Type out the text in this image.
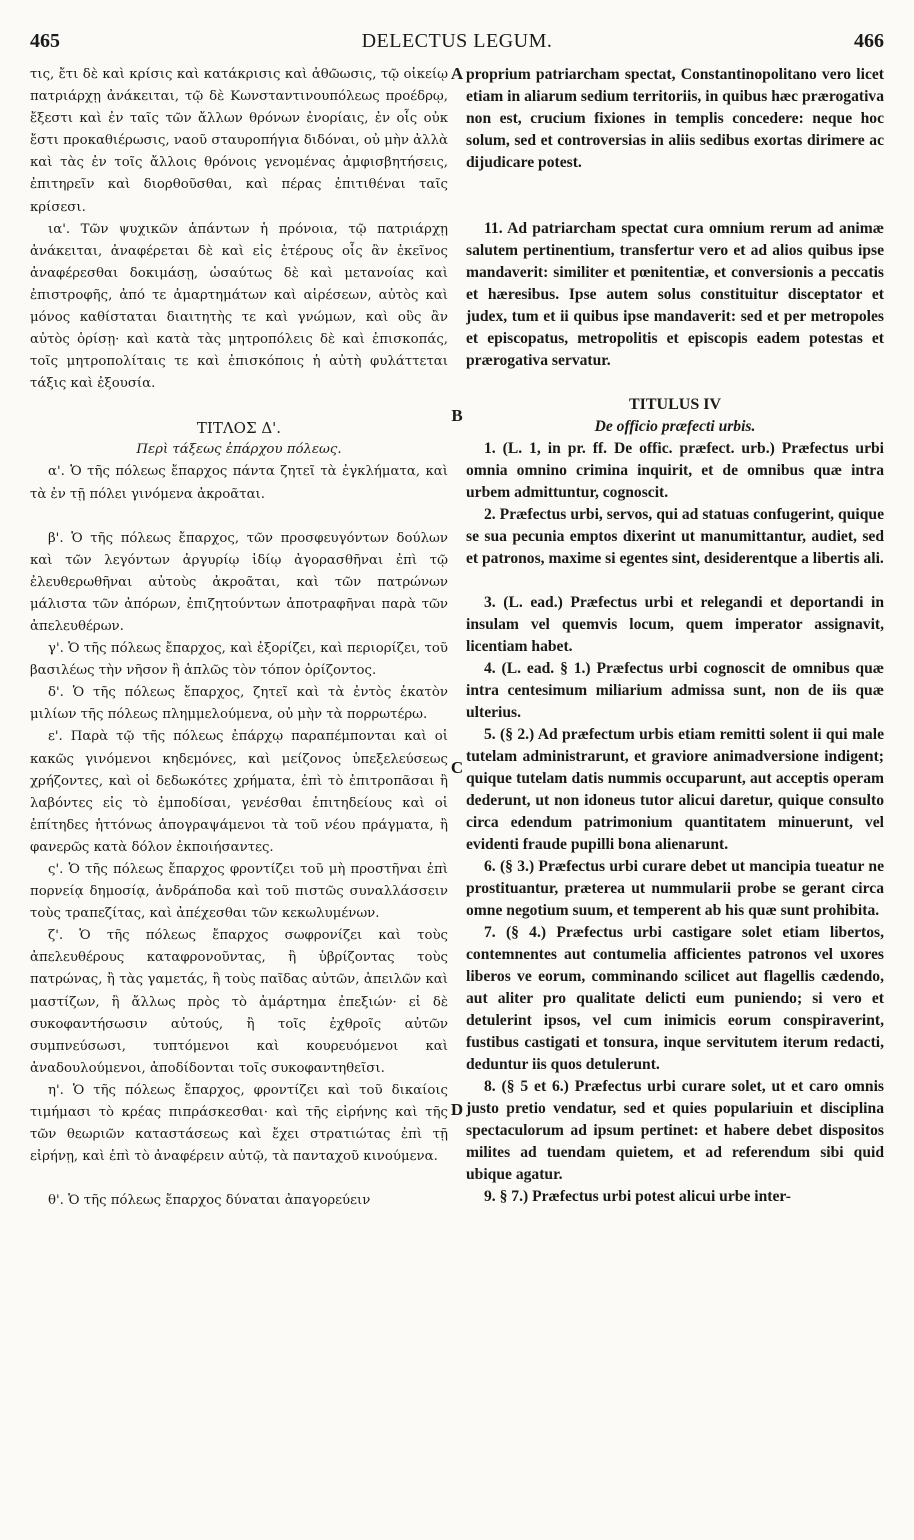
465	DELECTUS LEGUM.	466

τις, ἔτι δὲ καὶ κρίσις καὶ κατάκρισις καὶ ἀθῶωσις, τῷ οἰκείῳ πατριάρχῃ ἀνάκειται, τῷ δὲ Κωνσταντινουπόλεως προέδρῳ, ἔξεστι καὶ ἐν ταῖς τῶν ἄλλων θρόνων ἐνορίαις, ἐν οἷς οὐκ ἔστι προκαθιέρωσις, ναοῦ σταυροπήγια διδόναι, οὐ μὴν ἀλλὰ καὶ τὰς ἐν τοῖς ἄλλοις θρόνοις γενομένας ἀμφισβητήσεις, ἐπιτηρεῖν καὶ διορθοῦσθαι, καὶ πέρας ἐπιτιθέναι ταῖς κρίσεσι.

ια'. Τῶν ψυχικῶν ἁπάντων ἡ πρόνοια, τῷ πατριάρχῃ ἀνάκειται, ἀναφέρεται δὲ καὶ εἰς ἑτέρους οἷς ἂν ἐκεῖνος ἀναφέρεσθαι δοκιμάσῃ, ὡσαύτως δὲ καὶ μετανοίας καὶ ἐπιστροφῆς, ἀπό τε ἁμαρτημάτων καὶ αἱρέσεων, αὐτὸς καὶ μόνος καθίσταται διαιτητὴς τε καὶ γνώμων, καὶ οὓς ἂν αὐτὸς ὁρίσῃ· καὶ κατὰ τὰς μητροπόλεις δὲ καὶ ἐπισκοπάς, τοῖς μητροπολίταις τε καὶ ἐπισκόποις ἡ αὐτὴ φυλάττεται τάξις καὶ ἐξουσία.

ΤΙΤΛΟΣ Δ'.

Περὶ τάξεως ἐπάρχου πόλεως.

α'. Ὁ τῆς πόλεως ἔπαρχος πάντα ζητεῖ τὰ ἐγκλήματα, καὶ τὰ ἐν τῇ πόλει γινόμενα ἀκροᾶται.

β'. Ὁ τῆς πόλεως ἔπαρχος, τῶν προσφευγόντων δούλων καὶ τῶν λεγόντων ἀργυρίῳ ἰδίῳ ἀγορασθῆναι ἐπὶ τῷ ἐλευθερωθῆναι αὐτοὺς ἀκροᾶται, καὶ τῶν πατρώνων μάλιστα τῶν ἀπόρων, ἐπιζητούντων ἀποτραφῆναι παρὰ τῶν ἀπελευθέρων.

γ'. Ὁ τῆς πόλεως ἔπαρχος, καὶ ἐξορίζει, καὶ περιορίζει, τοῦ βασιλέως τὴν νῆσον ἢ ἁπλῶς τὸν τόπον ὁρίζοντος.

δ'. Ὁ τῆς πόλεως ἔπαρχος, ζητεῖ καὶ τὰ ἐντὸς ἑκατὸν μιλίων τῆς πόλεως πλημμελούμενα, οὐ μὴν τὰ πορρωτέρω.

ε'. Παρὰ τῷ τῆς πόλεως ἐπάρχῳ παραπέμπονται καὶ οἱ κακῶς γινόμενοι κηδεμόνες, καὶ μείζονος ὑπεξελεύσεως χρήζοντες, καὶ οἱ δεδωκότες χρήματα, ἐπὶ τὸ ἐπιτροπᾶσαι ἢ λαβόντες εἰς τὸ ἐμποδίσαι, γενέσθαι ἐπιτηδείους καὶ οἱ ἐπίτηδες ἡττόνως ἀπογραψάμενοι τὰ τοῦ νέου πράγματα, ἢ φανερῶς κατὰ δόλον ἐκποιήσαντες.

ς'. Ὁ τῆς πόλεως ἔπαρχος φροντίζει τοῦ μὴ προστῆναι ἐπὶ πορνείᾳ δημοσίᾳ, ἀνδράποδα καὶ τοῦ πιστῶς συναλλάσσειν τοὺς τραπεζίτας, καὶ ἀπέχεσθαι τῶν κεκωλυμένων.

ζ'. Ὁ τῆς πόλεως ἔπαρχος σωφρονίζει καὶ τοὺς ἀπελευθέρους καταφρονοῦντας, ἢ ὑβρίζοντας τοὺς πατρώνας, ἢ τὰς γαμετάς, ἢ τοὺς παῖδας αὐτῶν, ἀπειλῶν καὶ μαστίζων, ἢ ἄλλως πρὸς τὸ ἁμάρτημα ἐπεξιών· εἰ δὲ συκοφαντήσωσιν αὐτούς, ἢ τοῖς ἐχθροῖς αὐτῶν συμπνεύσωσι, τυπτόμενοι καὶ κουρευόμενοι καὶ ἀναδουλούμενοι, ἀποδίδονται τοῖς συκοφαντηθεῖσι.

η'. Ὁ τῆς πόλεως ἔπαρχος, φροντίζει καὶ τοῦ δικαίοις τιμήμασι τὸ κρέας πιπράσκεσθαι· καὶ τῆς εἰρήνης καὶ τῆς τῶν θεωριῶν καταστάσεως καὶ ἔχει στρατιώτας ἐπὶ τῇ εἰρήνῃ, καὶ ἐπὶ τὸ ἀναφέρειν αὐτῷ, τὰ πανταχοῦ κινούμενα.

θ'. Ὁ τῆς πόλεως ἔπαρχος δύναται ἀπαγορεύειν

A
B
C
D

proprium patriarcham spectat, Constantinopolitano vero licet etiam in aliarum sedium territoriis, in quibus hæc prærogativa non est, crucium fixiones in templis concedere: neque hoc solum, sed et controversias in aliis sedibus exortas dirimere ac dijudicare potest.

11. Ad patriarcham spectat cura omnium rerum ad animæ salutem pertinentium, transfertur vero et ad alios quibus ipse mandaverit: similiter et pœnitentiæ, et conversionis a peccatis et hæresibus. Ipse autem solus constituitur disceptator et judex, tum et ii quibus ipse mandaverit: sed et per metropoles et episcopatus, metropolitis et episcopis eadem potestas et prærogativa servatur.

TITULUS IV

De officio præfecti urbis.

1. (L. 1, in pr. ff. De offic. præfect. urb.) Præfectus urbi omnia omnino crimina inquirit, et de omnibus quæ intra urbem admittuntur, cognoscit.

2. Præfectus urbi, servos, qui ad statuas confugerint, quique se sua pecunia emptos dixerint ut manumittantur, audiet, sed et patronos, maxime si egentes sint, desiderentque a libertis ali.

3. (L. ead.) Præfectus urbi et relegandi et deportandi in insulam vel quemvis locum, quem imperator assignavit, licentiam habet.

4. (L. ead. § 1.) Præfectus urbi cognoscit de omnibus quæ intra centesimum miliarium admissa sunt, non de iis quæ ulterius.

5. (§ 2.) Ad præfectum urbis etiam remitti solent ii qui male tutelam administrarunt, et graviore animadversione indigent; quique tutelam datis nummis occuparunt, aut acceptis operam dederunt, ut non idoneus tutor alicui daretur, quique consulto circa edendum patrimonium quantitatem minuerunt, vel evidenti fraude pupilli bona alienarunt.

6. (§ 3.) Præfectus urbi curare debet ut mancipia tueatur ne prostituantur, præterea ut nummularii probe se gerant circa omne negotium suum, et temperent ab his quæ sunt prohibita.

7. (§ 4.) Præfectus urbi castigare solet etiam libertos, contemnentes aut contumelia afficientes patronos vel uxores liberos ve eorum, comminando scilicet aut flagellis cædendo, aut aliter pro qualitate delicti eum puniendo; si vero et detulerint ipsos, vel cum inimicis eorum conspiraverint, fustibus castigati et tonsura, inque servitutem iterum redacti, deduntur iis quos detulerunt.

8. (§ 5 et 6.) Præfectus urbi curare solet, ut et caro omnis justo pretio vendatur, sed et quies populariuin et disciplina spectaculorum ad ipsum pertinet: et habere debet dispositos milites ad tuendam quietem, et ad referendum sibi quid ubique agatur.

9. § 7.) Præfectus urbi potest alicui urbe inter-
